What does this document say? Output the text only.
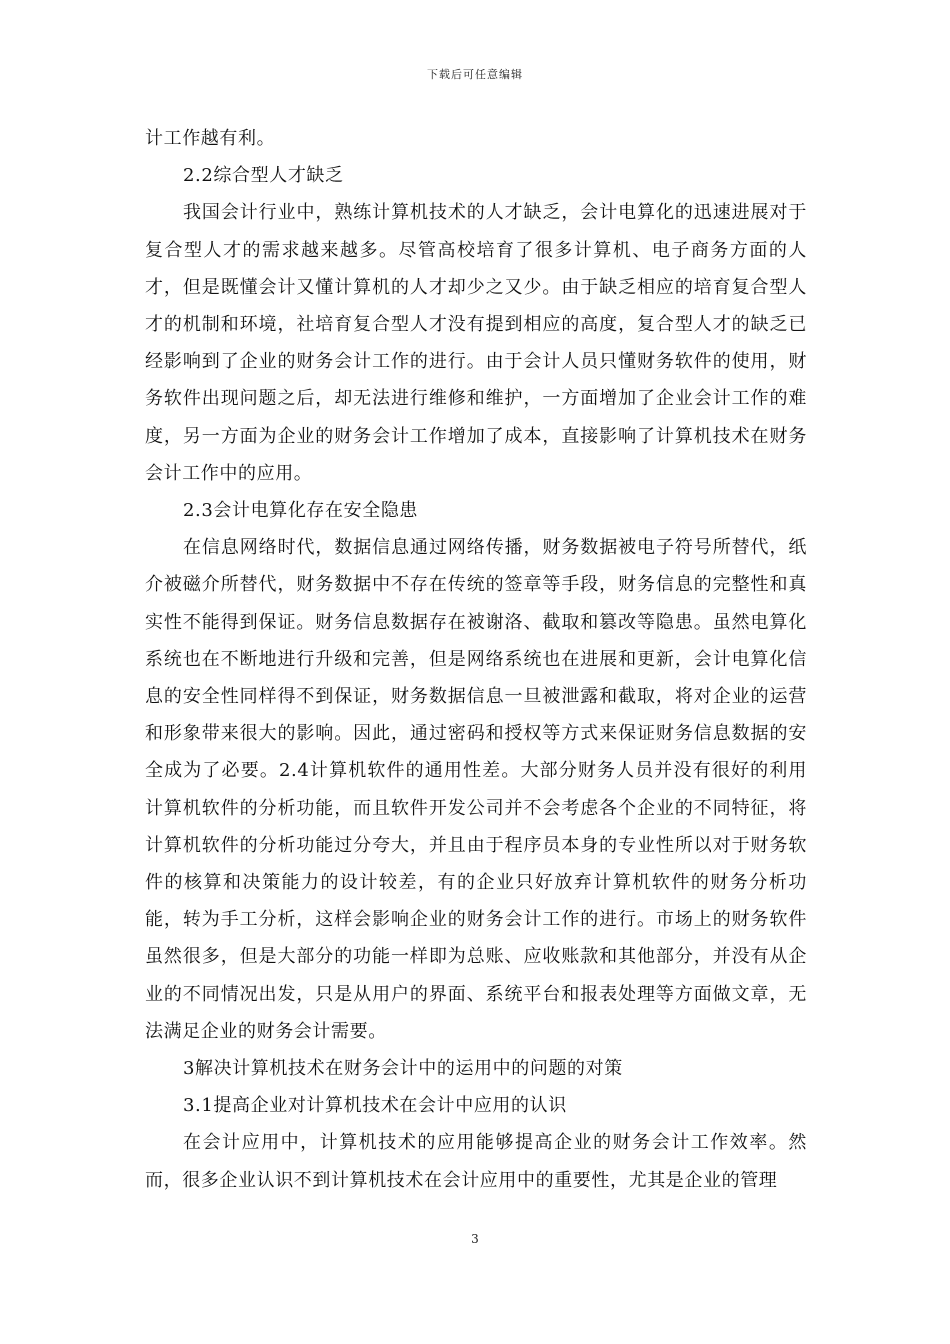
下载后可任意编辑

计工作越有利。

2.2综合型人才缺乏

我国会计行业中，熟练计算机技术的人才缺乏，会计电算化的迅速进展对于复合型人才的需求越来越多。尽管高校培育了很多计算机、电子商务方面的人才，但是既懂会计又懂计算机的人才却少之又少。由于缺乏相应的培育复合型人才的机制和环境，社培育复合型人才没有提到相应的高度，复合型人才的缺乏已经影响到了企业的财务会计工作的进行。由于会计人员只懂财务软件的使用，财务软件出现问题之后，却无法进行维修和维护，一方面增加了企业会计工作的难度，另一方面为企业的财务会计工作增加了成本，直接影响了计算机技术在财务会计工作中的应用。

2.3会计电算化存在安全隐患

在信息网络时代，数据信息通过网络传播，财务数据被电子符号所替代，纸介被磁介所替代，财务数据中不存在传统的签章等手段，财务信息的完整性和真实性不能得到保证。财务信息数据存在被谢洛、截取和篡改等隐患。虽然电算化系统也在不断地进行升级和完善，但是网络系统也在进展和更新，会计电算化信息的安全性同样得不到保证，财务数据信息一旦被泄露和截取，将对企业的运营和形象带来很大的影响。因此，通过密码和授权等方式来保证财务信息数据的安全成为了必要。2.4计算机软件的通用性差。大部分财务人员并没有很好的利用计算机软件的分析功能，而且软件开发公司并不会考虑各个企业的不同特征，将计算机软件的分析功能过分夸大，并且由于程序员本身的专业性所以对于财务软件的核算和决策能力的设计较差，有的企业只好放弃计算机软件的财务分析功能，转为手工分析，这样会影响企业的财务会计工作的进行。市场上的财务软件虽然很多，但是大部分的功能一样即为总账、应收账款和其他部分，并没有从企业的不同情况出发，只是从用户的界面、系统平台和报表处理等方面做文章，无法满足企业的财务会计需要。

3解决计算机技术在财务会计中的运用中的问题的对策

3.1提高企业对计算机技术在会计中应用的认识

在会计应用中，计算机技术的应用能够提高企业的财务会计工作效率。然而，很多企业认识不到计算机技术在会计应用中的重要性，尤其是企业的管理

3
